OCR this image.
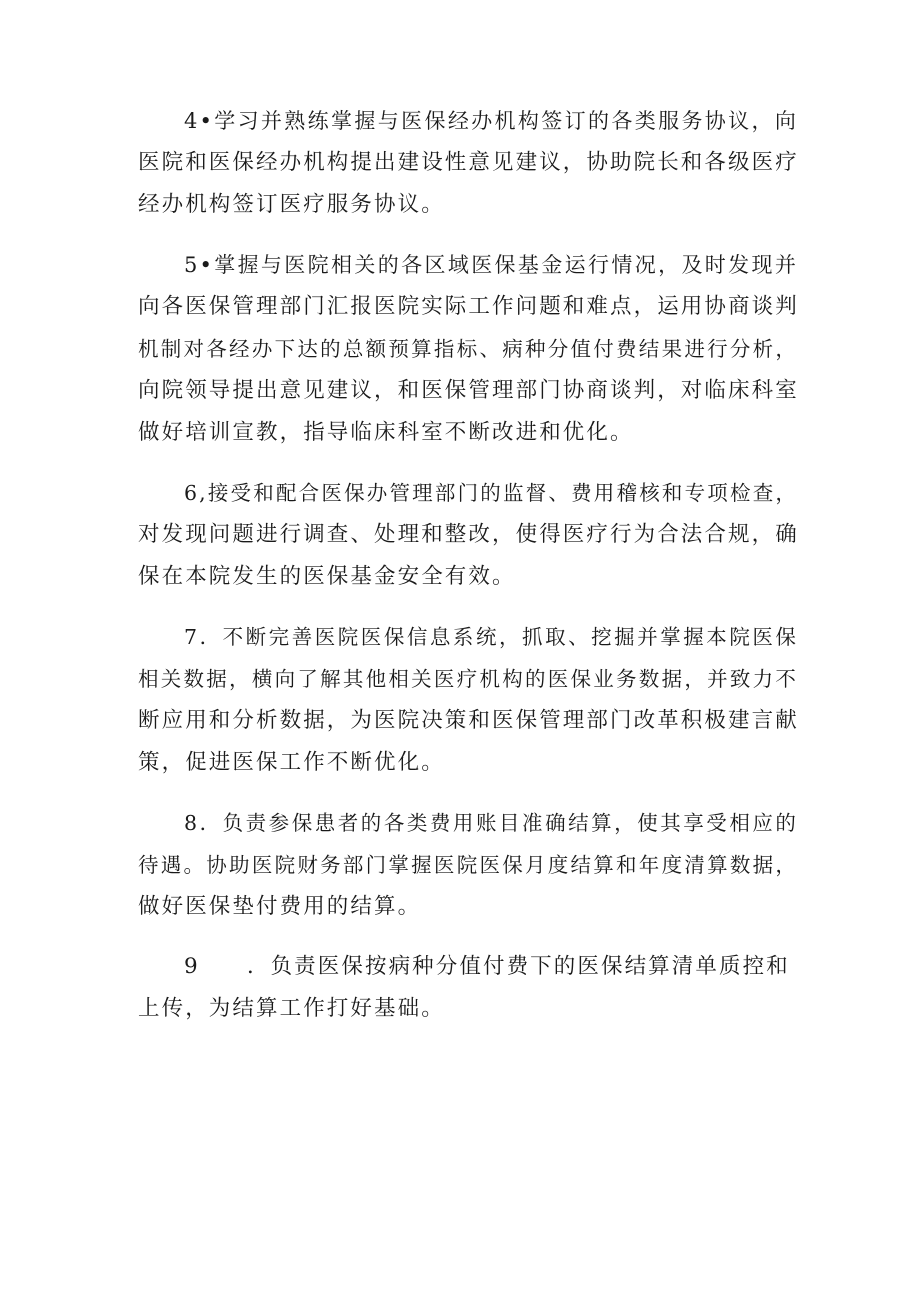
4•学习并熟练掌握与医保经办机构签订的各类服务协议，向
医院和医保经办机构提出建设性意见建议，协助院长和各级医疗
经办机构签订医疗服务协议。

5•掌握与医院相关的各区域医保基金运行情况，及时发现并
向各医保管理部门汇报医院实际工作问题和难点，运用协商谈判
机制对各经办下达的总额预算指标、病种分值付费结果进行分析，
向院领导提出意见建议，和医保管理部门协商谈判，对临床科室
做好培训宣教，指导临床科室不断改进和优化。

6,接受和配合医保办管理部门的监督、费用稽核和专项检查，
对发现问题进行调查、处理和整改，使得医疗行为合法合规，确
保在本院发生的医保基金安全有效。

7．不断完善医院医保信息系统，抓取、挖掘并掌握本院医保
相关数据，横向了解其他相关医疗机构的医保业务数据，并致力不
断应用和分析数据，为医院决策和医保管理部门改革积极建言献
策，促进医保工作不断优化。

8．负责参保患者的各类费用账目准确结算，使其享受相应的
待遇。协助医院财务部门掌握医院医保月度结算和年度清算数据，
做好医保垫付费用的结算。

9　　．负责医保按病种分值付费下的医保结算清单质控和
上传，为结算工作打好基础。
